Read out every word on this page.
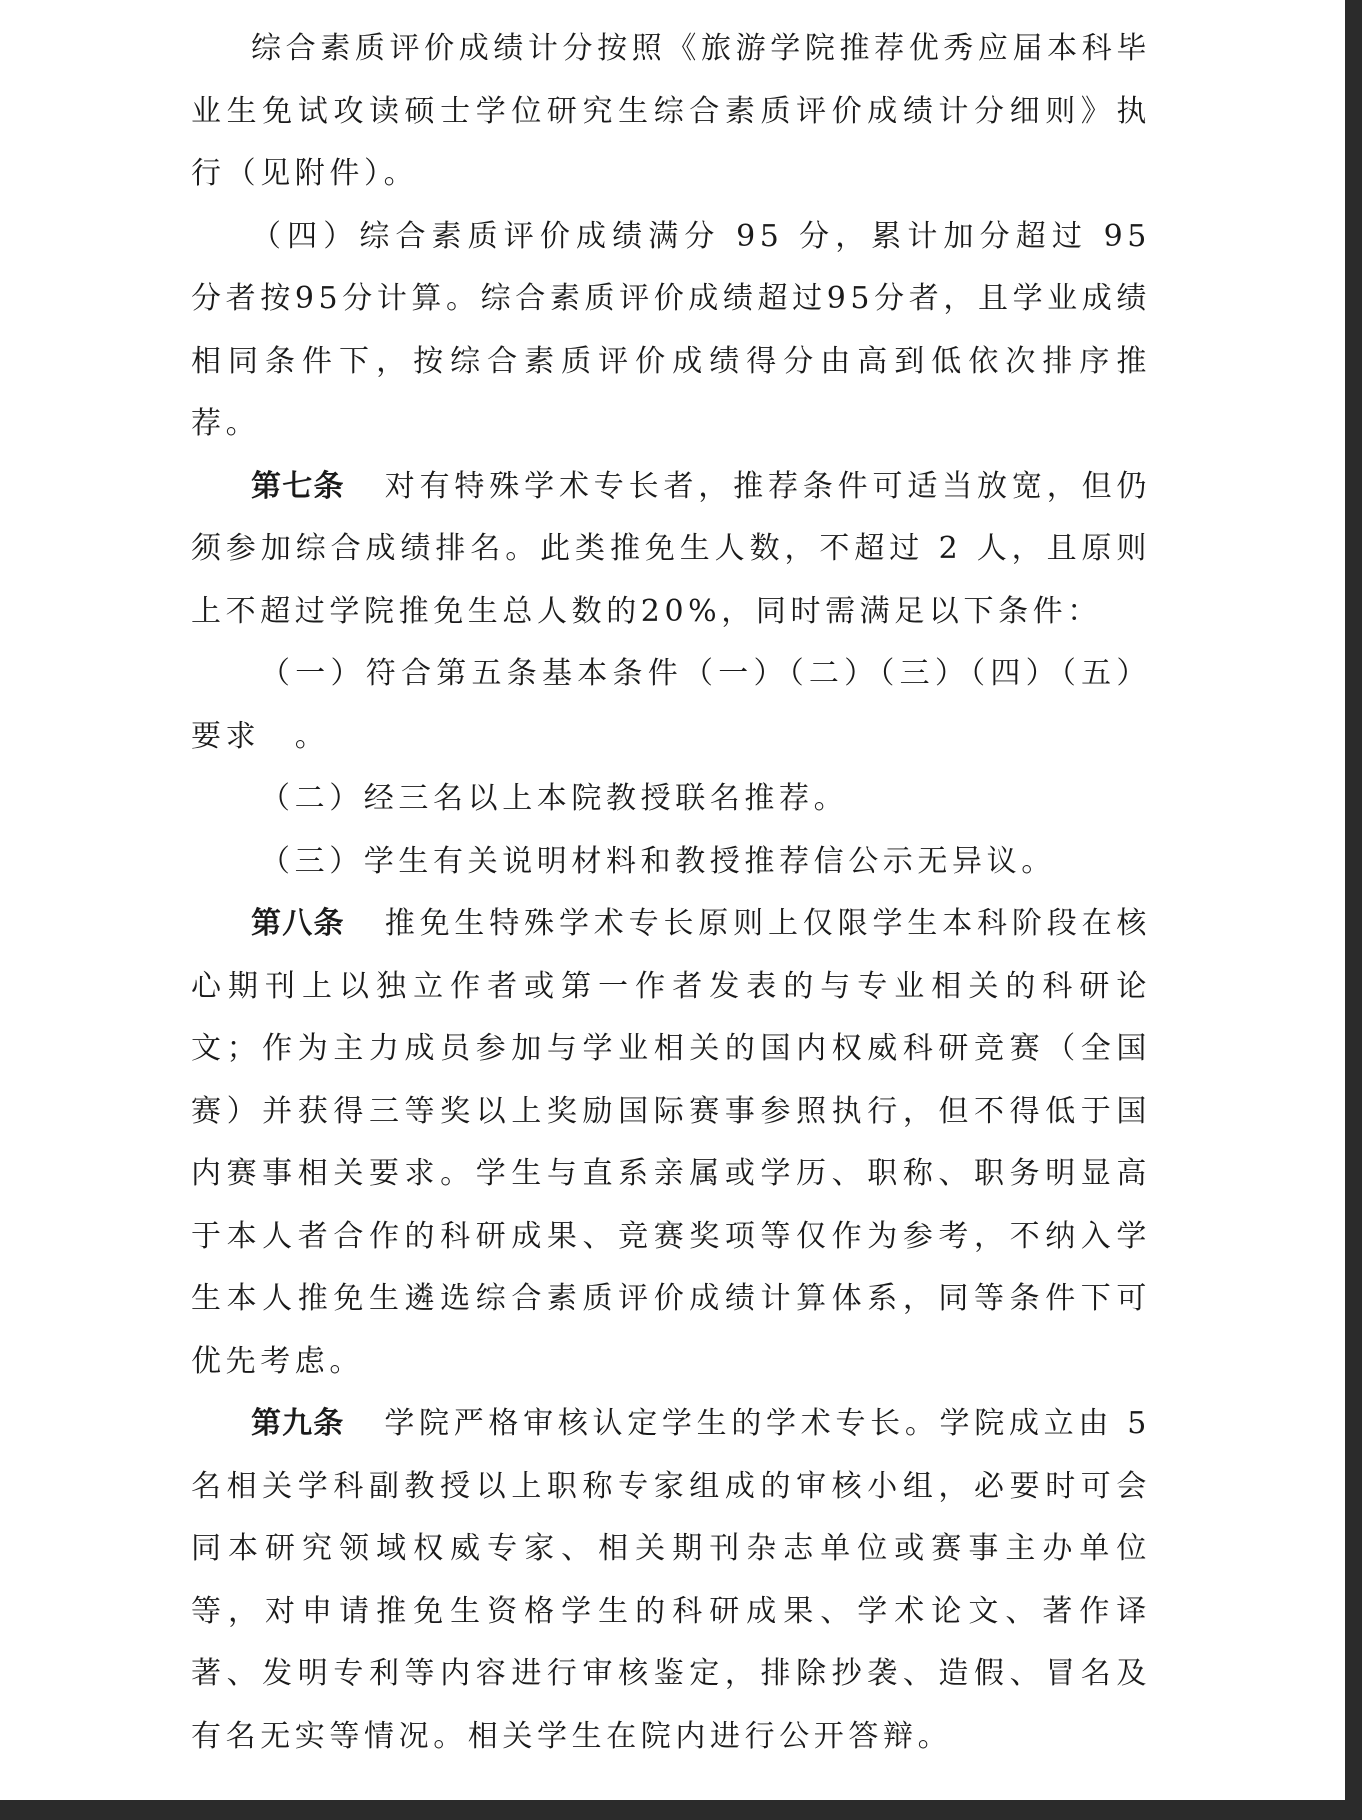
综合素质评价成绩计分按照《旅游学院推荐优秀应届本科毕业生免试攻读硕士学位研究生综合素质评价成绩计分细则》执行（见附件）。

（四）综合素质评价成绩满分 95 分，累计加分超过 95 分者按95分计算。综合素质评价成绩超过95分者，且学业成绩相同条件下，按综合素质评价成绩得分由高到低依次排序推荐。

第七条 对有特殊学术专长者，推荐条件可适当放宽，但仍须参加综合成绩排名。此类推免生人数，不超过 2 人，且原则上不超过学院推免生总人数的20%，同时需满足以下条件：

（一）符合第五条基本条件（一）（二）（三）（四）（五）要求　。

（二）经三名以上本院教授联名推荐。

（三）学生有关说明材料和教授推荐信公示无异议。

第八条 推免生特殊学术专长原则上仅限学生本科阶段在核心期刊上以独立作者或第一作者发表的与专业相关的科研论文；作为主力成员参加与学业相关的国内权威科研竞赛（全国赛）并获得三等奖以上奖励国际赛事参照执行，但不得低于国内赛事相关要求。学生与直系亲属或学历、职称、职务明显高于本人者合作的科研成果、竞赛奖项等仅作为参考，不纳入学生本人推免生遴选综合素质评价成绩计算体系，同等条件下可优先考虑。

第九条 学院严格审核认定学生的学术专长。学院成立由 5 名相关学科副教授以上职称专家组成的审核小组，必要时可会同本研究领域权威专家、相关期刊杂志单位或赛事主办单位等，对申请推免生资格学生的科研成果、学术论文、著作译著、发明专利等内容进行审核鉴定，排除抄袭、造假、冒名及有名无实等情况。相关学生在院内进行公开答辩。
